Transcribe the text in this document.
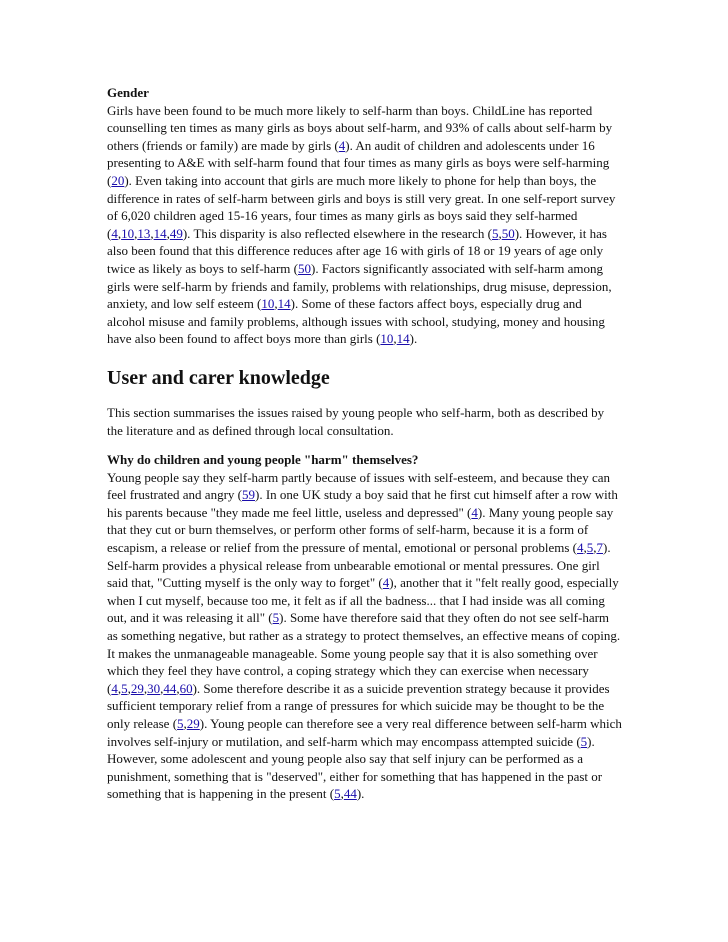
Gender

Girls have been found to be much more likely to self-harm than boys. ChildLine has reported counselling ten times as many girls as boys about self-harm, and 93% of calls about self-harm by others (friends or family) are made by girls (4). An audit of children and adolescents under 16 presenting to A&E with self-harm found that four times as many girls as boys were self-harming (20). Even taking into account that girls are much more likely to phone for help than boys, the difference in rates of self-harm between girls and boys is still very great. In one self-report survey of 6,020 children aged 15-16 years, four times as many girls as boys said they self-harmed (4,10,13,14,49). This disparity is also reflected elsewhere in the research (5,50). However, it has also been found that this difference reduces after age 16 with girls of 18 or 19 years of age only twice as likely as boys to self-harm (50). Factors significantly associated with self-harm among girls were self-harm by friends and family, problems with relationships, drug misuse, depression, anxiety, and low self esteem (10,14). Some of these factors affect boys, especially drug and alcohol misuse and family problems, although issues with school, studying, money and housing have also been found to affect boys more than girls (10,14).

User and carer knowledge

This section summarises the issues raised by young people who self-harm, both as described by the literature and as defined through local consultation.

Why do children and young people "harm" themselves?

Young people say they self-harm partly because of issues with self-esteem, and because they can feel frustrated and angry (59). In one UK study a boy said that he first cut himself after a row with his parents because "they made me feel little, useless and depressed" (4). Many young people say that they cut or burn themselves, or perform other forms of self-harm, because it is a form of escapism, a release or relief from the pressure of mental, emotional or personal problems (4,5,7). Self-harm provides a physical release from unbearable emotional or mental pressures. One girl said that, "Cutting myself is the only way to forget" (4), another that it "felt really good, especially when I cut myself, because too me, it felt as if all the badness... that I had inside was all coming out, and it was releasing it all" (5). Some have therefore said that they often do not see self-harm as something negative, but rather as a strategy to protect themselves, an effective means of coping. It makes the unmanageable manageable. Some young people say that it is also something over which they feel they have control, a coping strategy which they can exercise when necessary (4,5,29,30,44,60). Some therefore describe it as a suicide prevention strategy because it provides sufficient temporary relief from a range of pressures for which suicide may be thought to be the only release (5,29). Young people can therefore see a very real difference between self-harm which involves self-injury or mutilation, and self-harm which may encompass attempted suicide (5). However, some adolescent and young people also say that self injury can be performed as a punishment, something that is "deserved", either for something that has happened in the past or something that is happening in the present (5,44).
